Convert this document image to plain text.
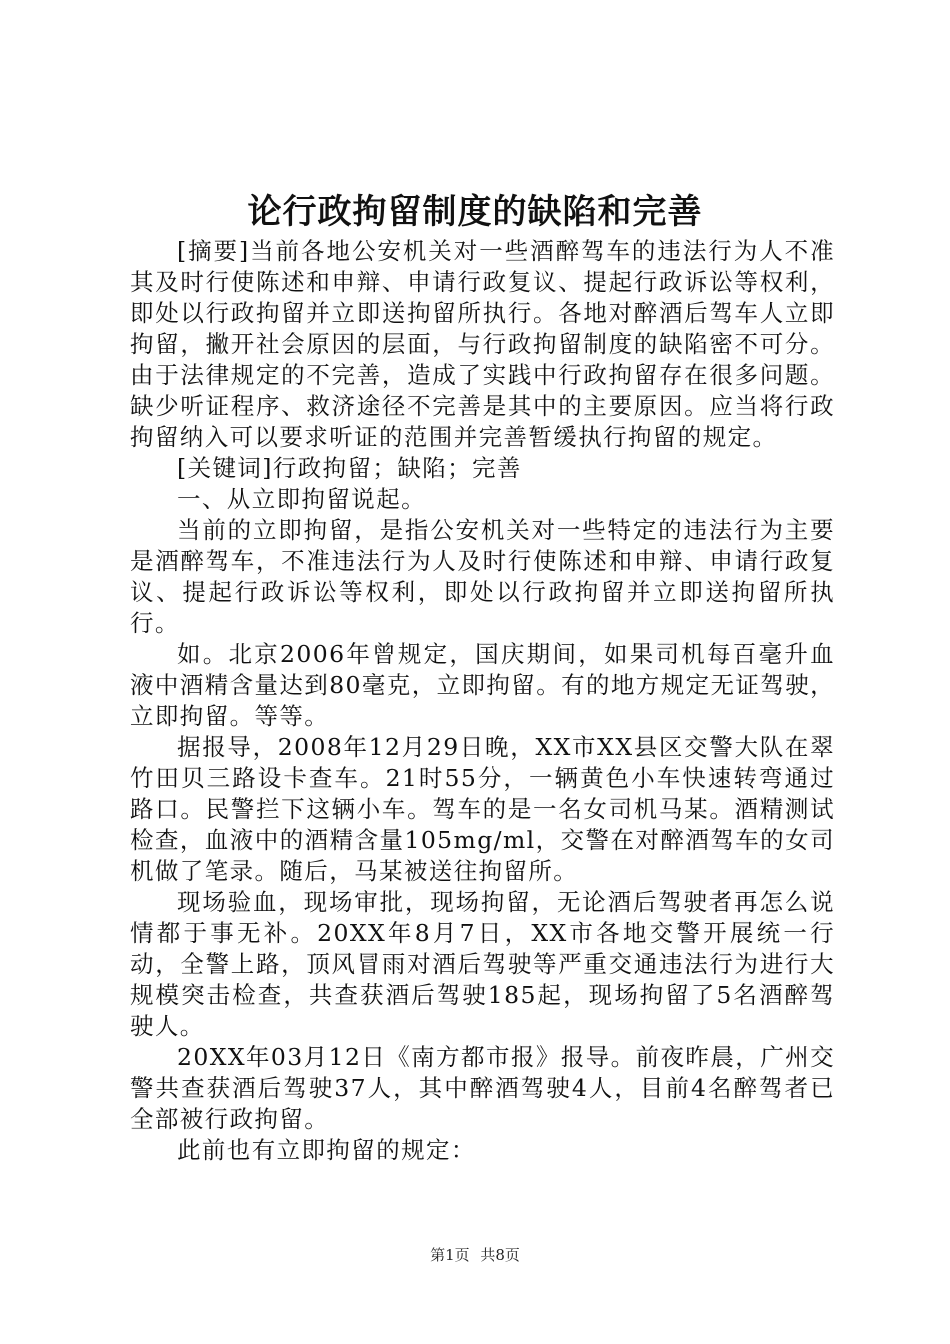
论行政拘留制度的缺陷和完善

[摘要]当前各地公安机关对一些酒醉驾车的违法行为人不准其及时行使陈述和申辩、申请行政复议、提起行政诉讼等权利，即处以行政拘留并立即送拘留所执行。各地对醉酒后驾车人立即拘留，撇开社会原因的层面，与行政拘留制度的缺陷密不可分。由于法律规定的不完善，造成了实践中行政拘留存在很多问题。缺少听证程序、救济途径不完善是其中的主要原因。应当将行政拘留纳入可以要求听证的范围并完善暂缓执行拘留的规定。

[关键词]行政拘留；缺陷；完善

一、从立即拘留说起。

当前的立即拘留，是指公安机关对一些特定的违法行为主要是酒醉驾车，不准违法行为人及时行使陈述和申辩、申请行政复议、提起行政诉讼等权利，即处以行政拘留并立即送拘留所执行。

如。北京2006年曾规定，国庆期间，如果司机每百毫升血液中酒精含量达到80毫克，立即拘留。有的地方规定无证驾驶，立即拘留。等等。

据报导，2008年12月29日晚，XX市XX县区交警大队在翠竹田贝三路设卡查车。21时55分，一辆黄色小车快速转弯通过路口。民警拦下这辆小车。驾车的是一名女司机马某。酒精测试检查，血液中的酒精含量105mg/ml，交警在对醉酒驾车的女司机做了笔录。随后，马某被送往拘留所。

现场验血，现场审批，现场拘留，无论酒后驾驶者再怎么说情都于事无补。20XX年8月7日，XX市各地交警开展统一行动，全警上路，顶风冒雨对酒后驾驶等严重交通违法行为进行大规模突击检查，共查获酒后驾驶185起，现场拘留了5名酒醉驾驶人。

20XX年03月12日《南方都市报》报导。前夜昨晨，广州交警共查获酒后驾驶37人，其中醉酒驾驶4人，目前4名醉驾者已全部被行政拘留。

此前也有立即拘留的规定：

第1页 共8页
